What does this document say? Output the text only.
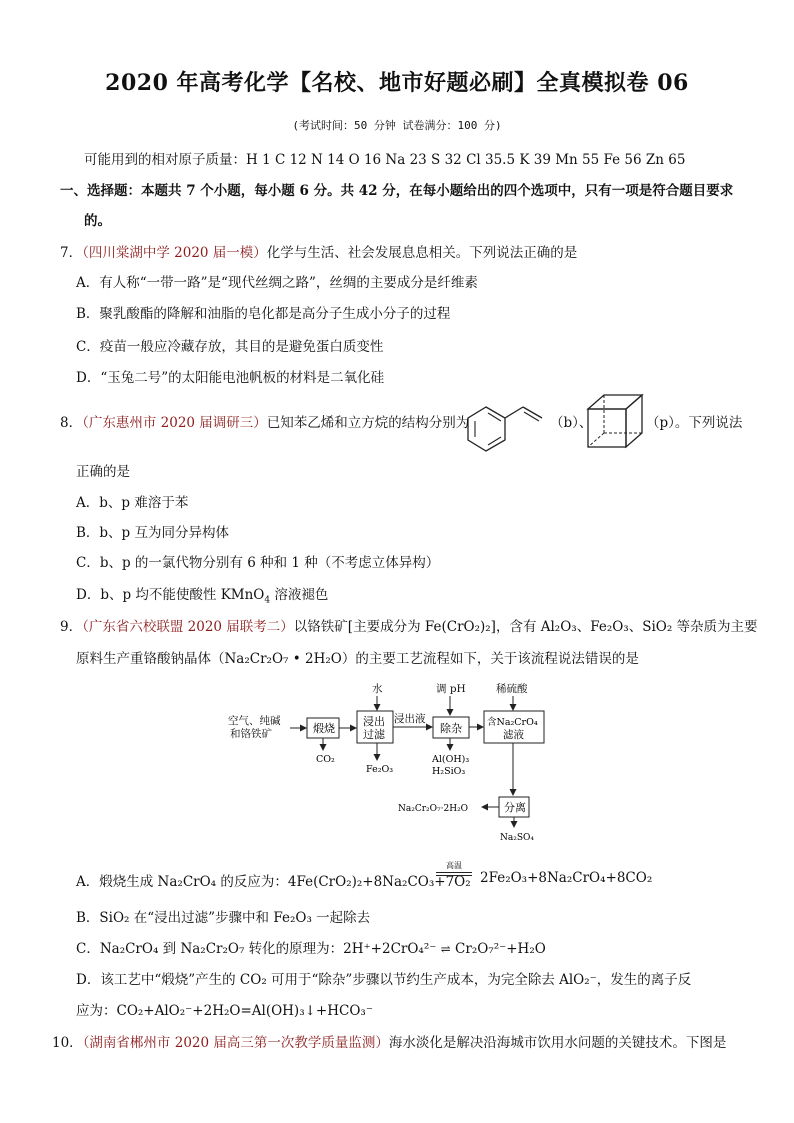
2020 年高考化学【名校、地市好题必刷】全真模拟卷 06
(考试时间：50 分钟 试卷满分：100 分)
可能用到的相对原子质量：H 1 C 12 N 14 O 16 Na 23 S 32 Cl 35.5 K 39 Mn 55 Fe 56 Zn 65
一、选择题：本题共 7 个小题，每小题 6 分。共 42 分，在每小题给出的四个选项中，只有一项是符合题目要求
的。
7．（四川棠湖中学 2020 届一模）化学与生活、社会发展息息相关。下列说法正确的是
A．有人称“一带一路”是“现代丝绸之路”，丝绸的主要成分是纤维素
B．聚乳酸酯的降解和油脂的皂化都是高分子生成小分子的过程
C．疫苗一般应冷藏存放，其目的是避免蛋白质变性
D．“玉兔二号”的太阳能电池帆板的材料是二氧化硅
8．（广东惠州市 2020 届调研三）已知苯乙烯和立方烷的结构分别为	（b）、	（p）。下列说法
正确的是
A．b、p 难溶于苯
B．b、p 互为同分异构体
C．b、p 的一氯代物分别有 6 种和 1 种（不考虑立体异构）
D．b、p 均不能使酸性 KMnO$_4$ 溶液褪色
9．（广东省六校联盟 2020 届联考二）以铬铁矿[主要成分为 Fe(CrO₂)₂]，含有 Al₂O₃、Fe₂O₃、SiO₂ 等杂质为主要
原料生产重铬酸钠晶体（Na₂Cr₂O₇ • 2H₂O）的主要工艺流程如下，关于该流程说法错误的是
空气、纯碱
和铬铁矿
水	调 pH	稀硫酸
煅烧
CO₂
浸出
过滤
Fe₂O₃
浸出液
除杂
Al(OH)₃
H₂SiO₃
含Na₂CrO₄
滤液
分离
Na₂Cr₂O₇·2H₂O
Na₂SO₄
A．煅烧生成 Na₂CrO₄ 的反应为：4Fe(CrO₂)₂+8Na₂CO₃+7O₂
高温
2Fe₂O₃+8Na₂CrO₄+8CO₂
B．SiO₂ 在“浸出过滤”步骤中和 Fe₂O₃ 一起除去
C．Na₂CrO₄ 到 Na₂Cr₂O₇ 转化的原理为：2H⁺+2CrO₄²⁻ ⇌ Cr₂O₇²⁻+H₂O
D．该工艺中“煅烧”产生的 CO₂ 可用于“除杂”步骤以节约生产成本，为完全除去 AlO₂⁻，发生的离子反
应为：CO₂+AlO₂⁻+2H₂O=Al(OH)₃↓+HCO₃⁻
10．（湖南省郴州市 2020 届高三第一次教学质量监测）海水淡化是解决沿海城市饮用水问题的关键技术。下图是
